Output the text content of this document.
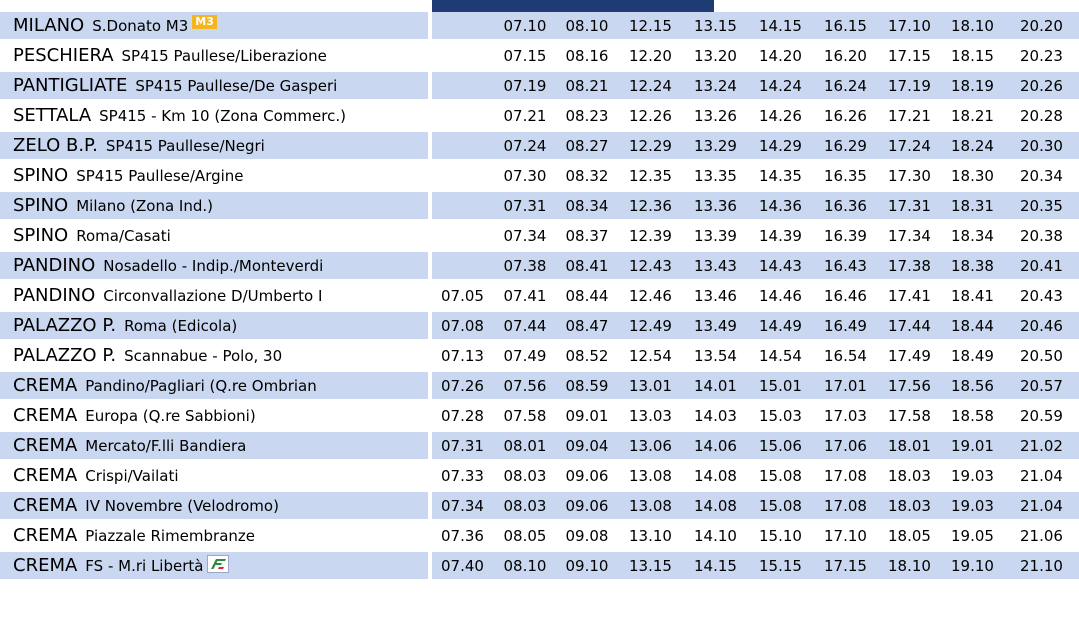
MILANO S.Donato M3 M3			07.10	08.10	12.15	13.15	14.15	16.15	17.10	18.10	20.20
PESCHIERA SP415 Paullese/Liberazione			07.15	08.16	12.20	13.20	14.20	16.20	17.15	18.15	20.23
PANTIGLIATE SP415 Paullese/De Gasperi			07.19	08.21	12.24	13.24	14.24	16.24	17.19	18.19	20.26
SETTALA SP415 - Km 10 (Zona Commerc.)			07.21	08.23	12.26	13.26	14.26	16.26	17.21	18.21	20.28
ZELO B.P. SP415 Paullese/Negri			07.24	08.27	12.29	13.29	14.29	16.29	17.24	18.24	20.30
SPINO SP415 Paullese/Argine			07.30	08.32	12.35	13.35	14.35	16.35	17.30	18.30	20.34
SPINO Milano (Zona Ind.)			07.31	08.34	12.36	13.36	14.36	16.36	17.31	18.31	20.35
SPINO Roma/Casati			07.34	08.37	12.39	13.39	14.39	16.39	17.34	18.34	20.38
PANDINO Nosadello - Indip./Monteverdi			07.38	08.41	12.43	13.43	14.43	16.43	17.38	18.38	20.41
PANDINO Circonvallazione D/Umberto I		07.05	07.41	08.44	12.46	13.46	14.46	16.46	17.41	18.41	20.43
PALAZZO P. Roma (Edicola)		07.08	07.44	08.47	12.49	13.49	14.49	16.49	17.44	18.44	20.46
PALAZZO P. Scannabue - Polo, 30		07.13	07.49	08.52	12.54	13.54	14.54	16.54	17.49	18.49	20.50
CREMA Pandino/Pagliari (Q.re Ombrian		07.26	07.56	08.59	13.01	14.01	15.01	17.01	17.56	18.56	20.57
CREMA Europa (Q.re Sabbioni)		07.28	07.58	09.01	13.03	14.03	15.03	17.03	17.58	18.58	20.59
CREMA Mercato/F.lli Bandiera		07.31	08.01	09.04	13.06	14.06	15.06	17.06	18.01	19.01	21.02
CREMA Crispi/Vailati		07.33	08.03	09.06	13.08	14.08	15.08	17.08	18.03	19.03	21.04
CREMA IV Novembre (Velodromo)		07.34	08.03	09.06	13.08	14.08	15.08	17.08	18.03	19.03	21.04
CREMA Piazzale Rimembranze		07.36	08.05	09.08	13.10	14.10	15.10	17.10	18.05	19.05	21.06
CREMA FS - M.ri Libertà		07.40	08.10	09.10	13.15	14.15	15.15	17.15	18.10	19.10	21.10
